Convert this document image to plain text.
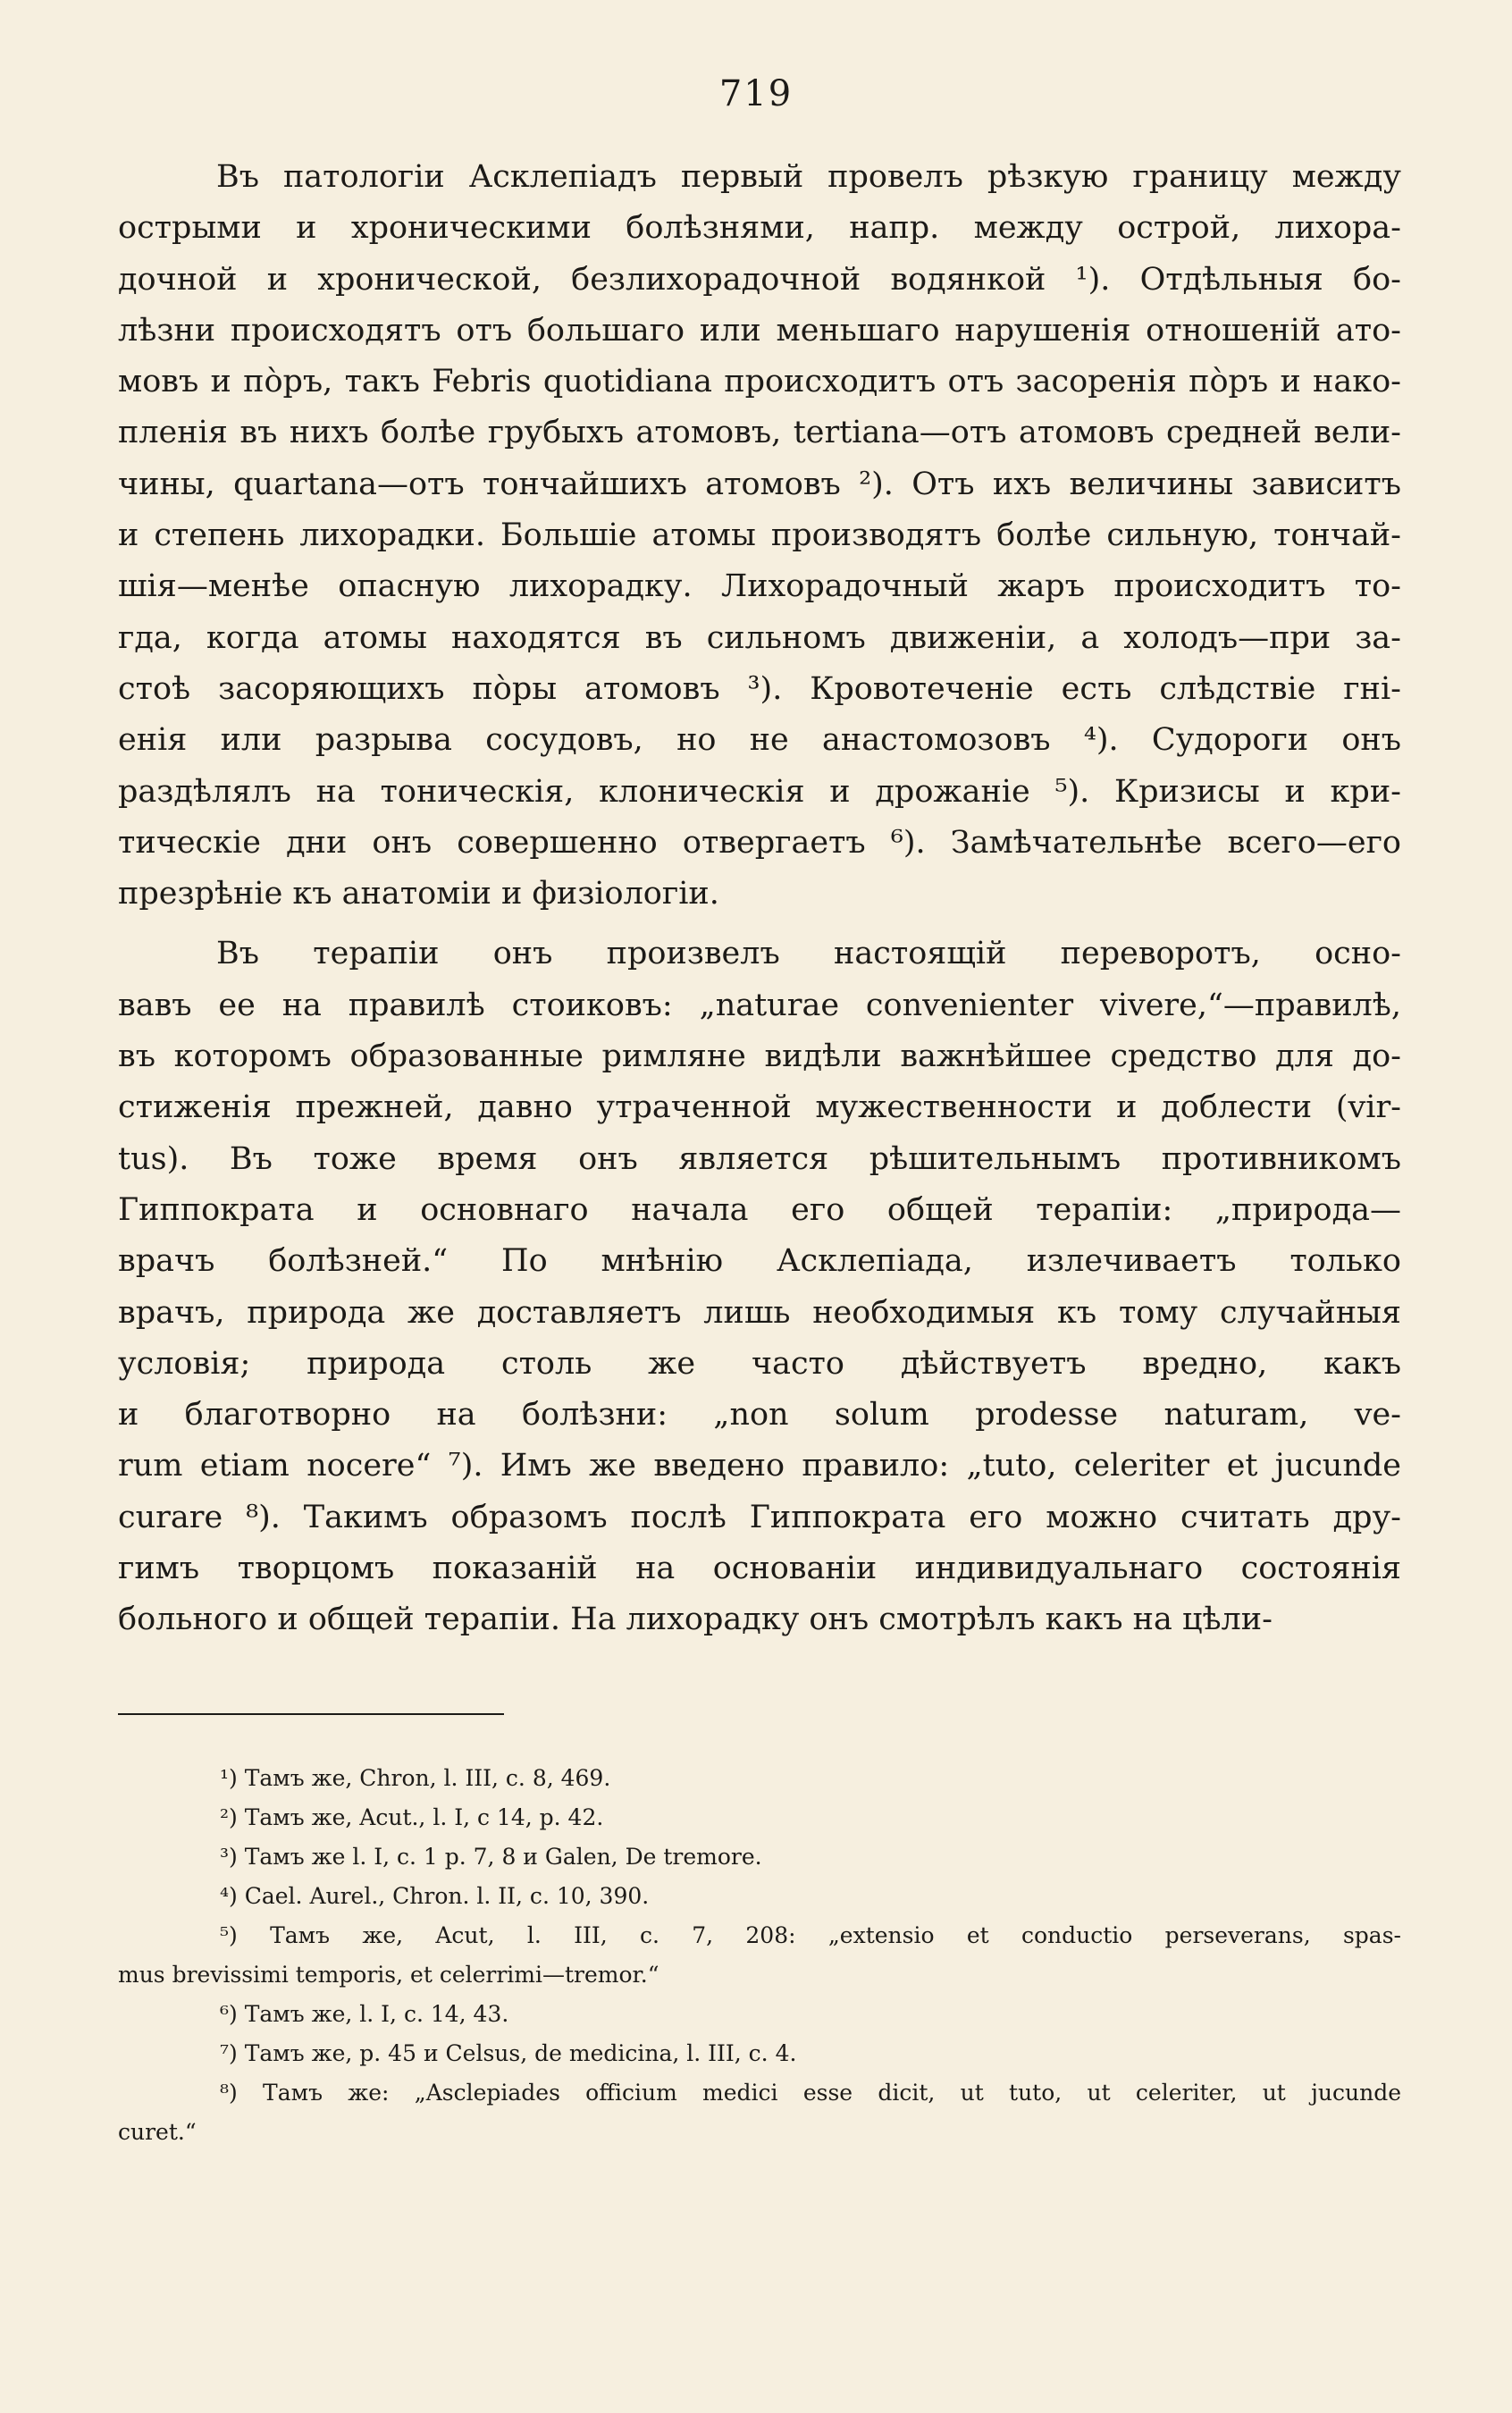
719
Въ патологіи Асклепіадъ первый провелъ рѣзкую границу между
острыми и хроническими болѣзнями, напр. между острой, лихора-
дочной и хронической, безлихорадочной водянкой ¹). Отдѣльныя бо-
лѣзни происходятъ отъ большаго или меньшаго нарушенія отношеній ато-
мовъ и пòръ, такъ Febris quotidiana происходитъ отъ засоренія пòръ и нако-
пленія въ нихъ болѣе грубыхъ атомовъ, tertiana—отъ атомовъ средней вели-
чины, quartana—отъ тончайшихъ атомовъ ²). Отъ ихъ величины зависитъ
и степень лихорадки. Большіе атомы производятъ болѣе сильную, тончай-
шія—менѣе опасную лихорадку. Лихорадочный жаръ происходитъ то-
гда, когда атомы находятся въ сильномъ движеніи, а холодъ—при за-
стоѣ засоряющихъ пòры атомовъ ³). Кровотеченіе есть слѣдствіе гні-
енія или разрыва сосудовъ, но не анастомозовъ ⁴). Судороги онъ
раздѣлялъ на тоническія, клоническія и дрожаніе ⁵). Кризисы и кри-
тическіе дни онъ совершенно отвергаетъ ⁶). Замѣчательнѣе всего—его
презрѣніе къ анатоміи и физіологіи.
Въ терапіи онъ произвелъ настоящій переворотъ, осно-
вавъ ее на правилѣ стоиковъ: „naturae convenienter vivere,“—правилѣ,
въ которомъ образованные римляне видѣли важнѣйшее средство для до-
стиженія прежней, давно утраченной мужественности и доблести (vir-
tus). Въ тоже время онъ является рѣшительнымъ противникомъ
Гиппократа и основнаго начала его общей терапіи: „природа—
врачъ болѣзней.“ По мнѣнію Асклепіада, излечиваетъ только
врачъ, природа же доставляетъ лишь необходимыя къ тому случайныя
условія; природа столь же часто дѣйствуетъ вредно, какъ
и благотворно на болѣзни: „non solum prodesse naturam, ve-
rum etiam nocere“ ⁷). Имъ же введено правило: „tuto, celeriter et jucunde
curare ⁸). Такимъ образомъ послѣ Гиппократа его можно считать дру-
гимъ творцомъ показаній на основаніи индивидуальнаго состоянія
больного и общей терапіи. На лихорадку онъ смотрѣлъ какъ на цѣли-
¹) Тамъ же, Chron, l. III, c. 8, 469.
²) Тамъ же, Acut., l. I, c 14, p. 42.
³) Тамъ же l. I, c. 1 p. 7, 8 и Galen, De tremore.
⁴) Cael. Aurel., Chron. l. II, c. 10, 390.
⁵) Тамъ же, Acut, l. III, c. 7, 208: „extensio et conductio perseverans, spas-
mus brevissimi temporis, et celerrimi—tremor.“
⁶) Тамъ же, l. I, c. 14, 43.
⁷) Тамъ же, p. 45 и Celsus, de medicina, l. III, c. 4.
⁸) Тамъ же: „Asclepiades officium medici esse dicit, ut tuto, ut celeriter, ut jucunde
curet.“
